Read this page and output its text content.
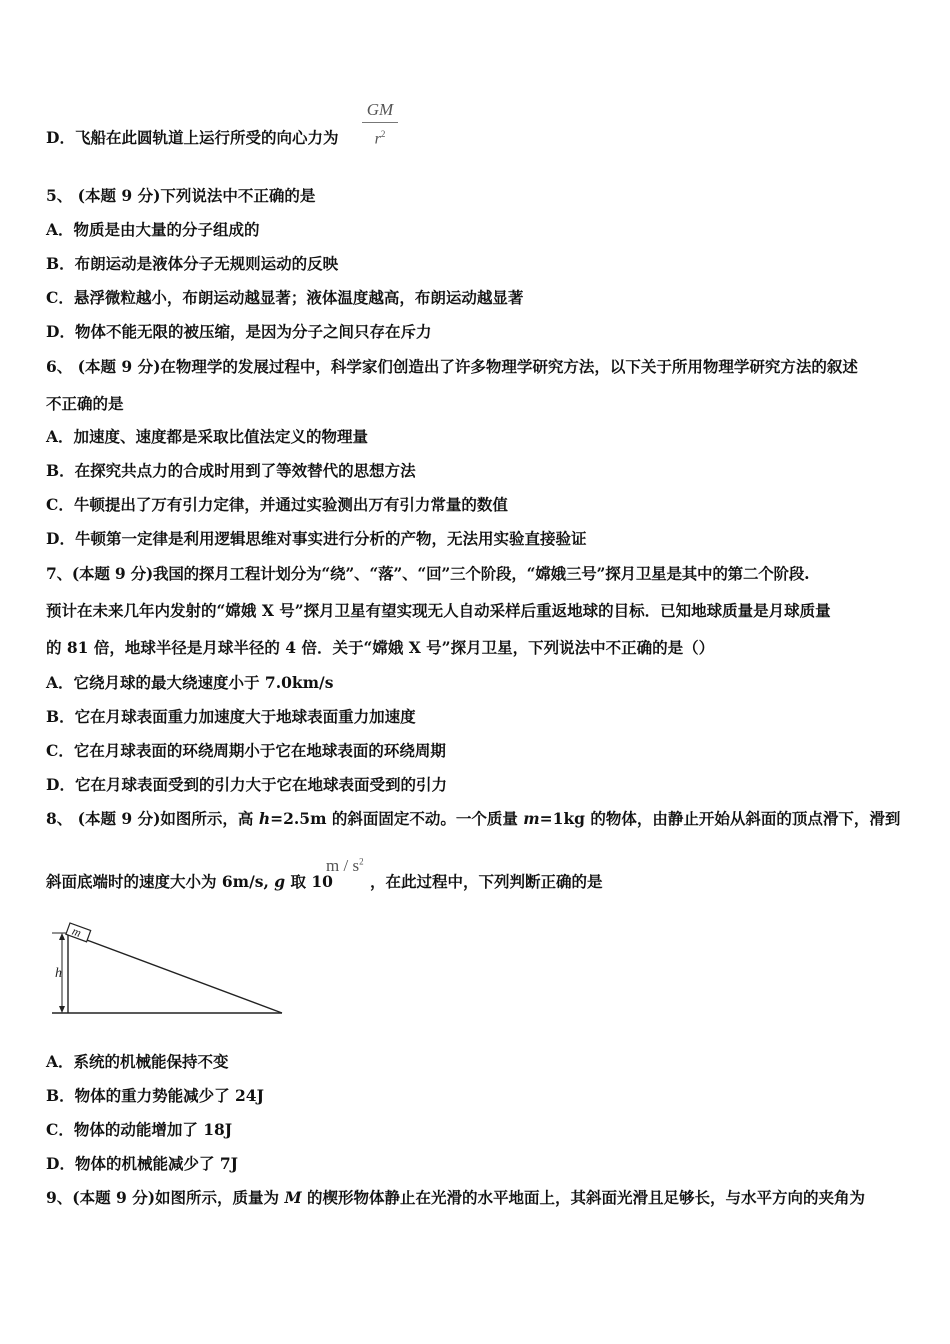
D．飞船在此圆轨道上运行所受的向心力为
GM
$r^2$
5、 (本题 9 分)下列说法中不正确的是
A．物质是由大量的分子组成的
B．布朗运动是液体分子无规则运动的反映
C．悬浮微粒越小，布朗运动越显著；液体温度越高，布朗运动越显著
D．物体不能无限的被压缩，是因为分子之间只存在斥力
6、 (本题 9 分)在物理学的发展过程中，科学家们创造出了许多物理学研究方法，以下关于所用物理学研究方法的叙述
不正确的是
A．加速度、速度都是采取比值法定义的物理量
B．在探究共点力的合成时用到了等效替代的思想方法
C．牛顿提出了万有引力定律，并通过实验测出万有引力常量的数值
D．牛顿第一定律是利用逻辑思维对事实进行分析的产物，无法用实验直接验证
7、(本题 9 分)我国的探月工程计划分为“绕”、“落”、“回”三个阶段，“嫦娥三号”探月卫星是其中的第二个阶段.
预计在未来几年内发射的“嫦娥 X 号”探月卫星有望实现无人自动采样后重返地球的目标．已知地球质量是月球质量
的 81 倍，地球半径是月球半径的 4 倍．关于“嫦娥 X 号”探月卫星，下列说法中不正确的是（）
A．它绕月球的最大绕速度小于 7.0km/s
B．它在月球表面重力加速度大于地球表面重力加速度
C．它在月球表面的环绕周期小于它在地球表面的环绕周期
D．它在月球表面受到的引力大于它在地球表面受到的引力
8、 (本题 9 分)如图所示，高 h=2.5m 的斜面固定不动。一个质量 m=1kg 的物体，由静止开始从斜面的顶点滑下，滑到
斜面底端时的速度大小为 6m/s, g 取 10
m / $s^2$
，在此过程中，下列判断正确的是
h
m
A．系统的机械能保持不变
B．物体的重力势能减少了 24J
C．物体的动能增加了 18J
D．物体的机械能减少了 7J
9、(本题 9 分)如图所示，质量为 M 的楔形物体静止在光滑的水平地面上，其斜面光滑且足够长，与水平方向的夹角为
